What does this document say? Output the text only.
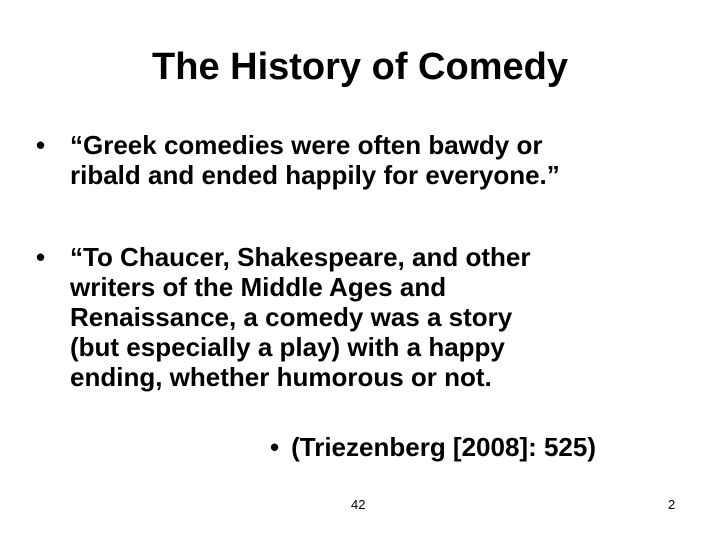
The History of Comedy
• “Greek comedies were often bawdy or
ribald and ended happily for everyone.”
• “To Chaucer, Shakespeare, and other
writers of the Middle Ages and
Renaissance, a comedy was a story
(but especially a play) with a happy
ending, whether humorous or not.
• (Triezenberg [2008]: 525)
42	2
